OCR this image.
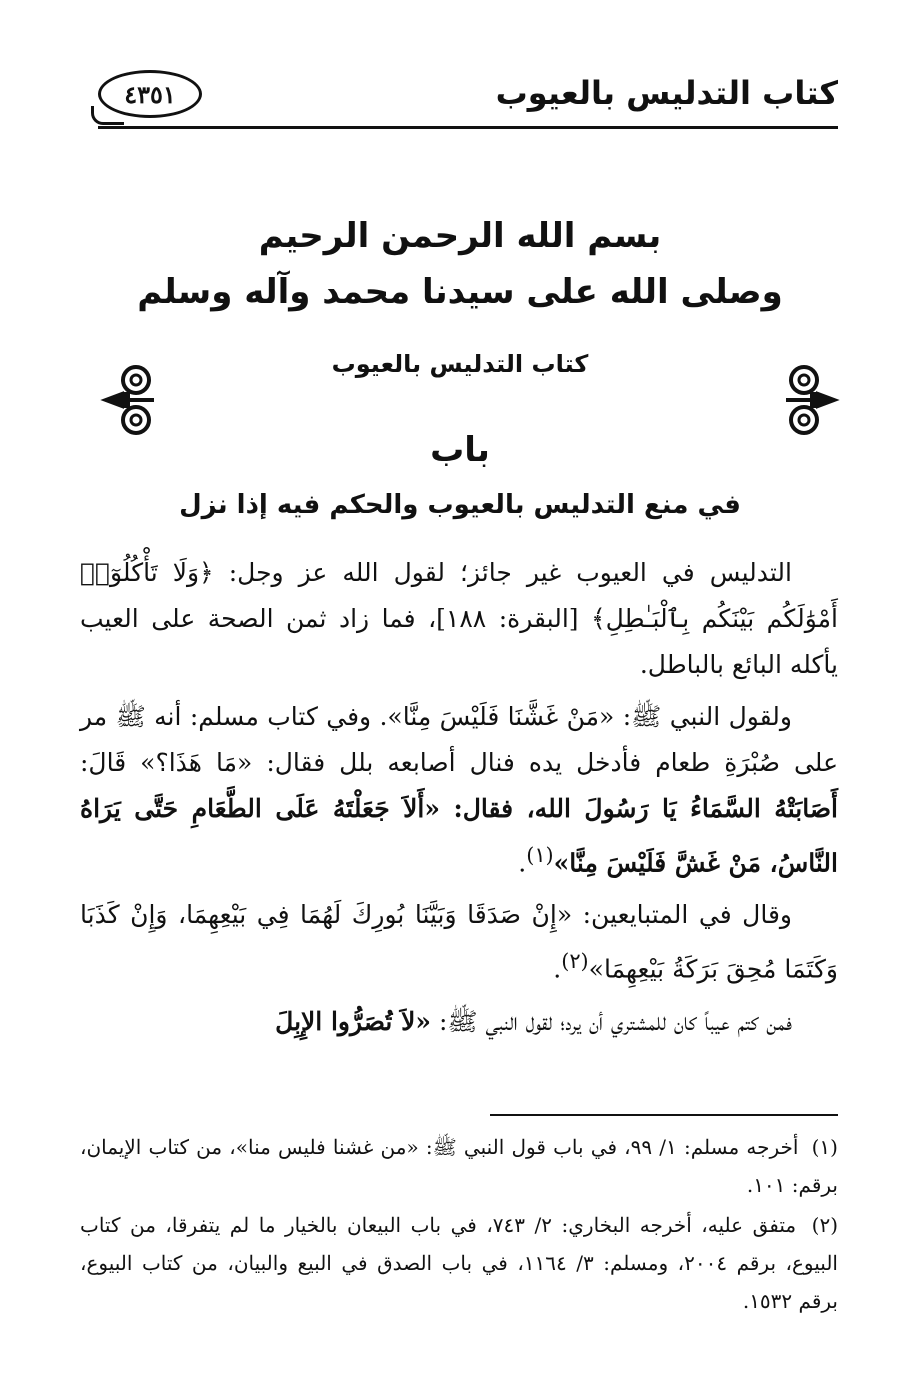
كتاب التدليس بالعيوب
٤٣٥١
بسم الله الرحمن الرحيم
وصلى الله على سيدنا محمد وآله وسلم
كتاب التدليس بالعيوب
باب
في منع التدليس بالعيوب والحكم فيه إذا نزل

التدليس في العيوب غير جائز؛ لقول الله عز وجل: ﴿وَلَا تَأْكُلُوٓا۟ أَمْوَٰلَكُم بَيْنَكُم بِٱلْبَـٰطِلِ﴾ [البقرة: ١٨٨]، فما زاد ثمن الصحة على العيب يأكله البائع بالباطل.

ولقول النبي ﷺ: «مَنْ غَشَّنَا فَلَيْسَ مِنَّا». وفي كتاب مسلم: أنه ﷺ مر على صُبْرَةِ طعام فأدخل يده فنال أصابعه بلل فقال: «مَا هَذَا؟» قَالَ: أَصَابَتْهُ السَّمَاءُ يَا رَسُولَ الله، فقال: «أَلاَ جَعَلْتَهُ عَلَى الطَّعَامِ حَتَّى يَرَاهُ النَّاسُ، مَنْ غَشَّ فَلَيْسَ مِنَّا»$^{(١)}$.

وقال في المتبايعين: «إِنْ صَدَقَا وَبَيَّنَا بُورِكَ لَهُمَا فِي بَيْعِهِمَا، وَإِنْ كَذَبَا وَكَتَمَا مُحِقَ بَرَكَةُ بَيْعِهِمَا»$^{(٢)}$.

فمن كتم عيباً كان للمشتري أن يرد؛ لقول النبي ﷺ: «لاَ تُصَرُّوا الإِبِلَ

(١) أخرجه مسلم: ١/ ٩٩، في باب قول النبي ﷺ: «من غشنا فليس منا»، من كتاب الإيمان، برقم: ١٠١.

(٢) متفق عليه، أخرجه البخاري: ٢/ ٧٤٣، في باب البيعان بالخيار ما لم يتفرقا، من كتاب البيوع، برقم ٢٠٠٤، ومسلم: ٣/ ١١٦٤، في باب الصدق في البيع والبيان، من كتاب البيوع، برقم ١٥٣٢.
